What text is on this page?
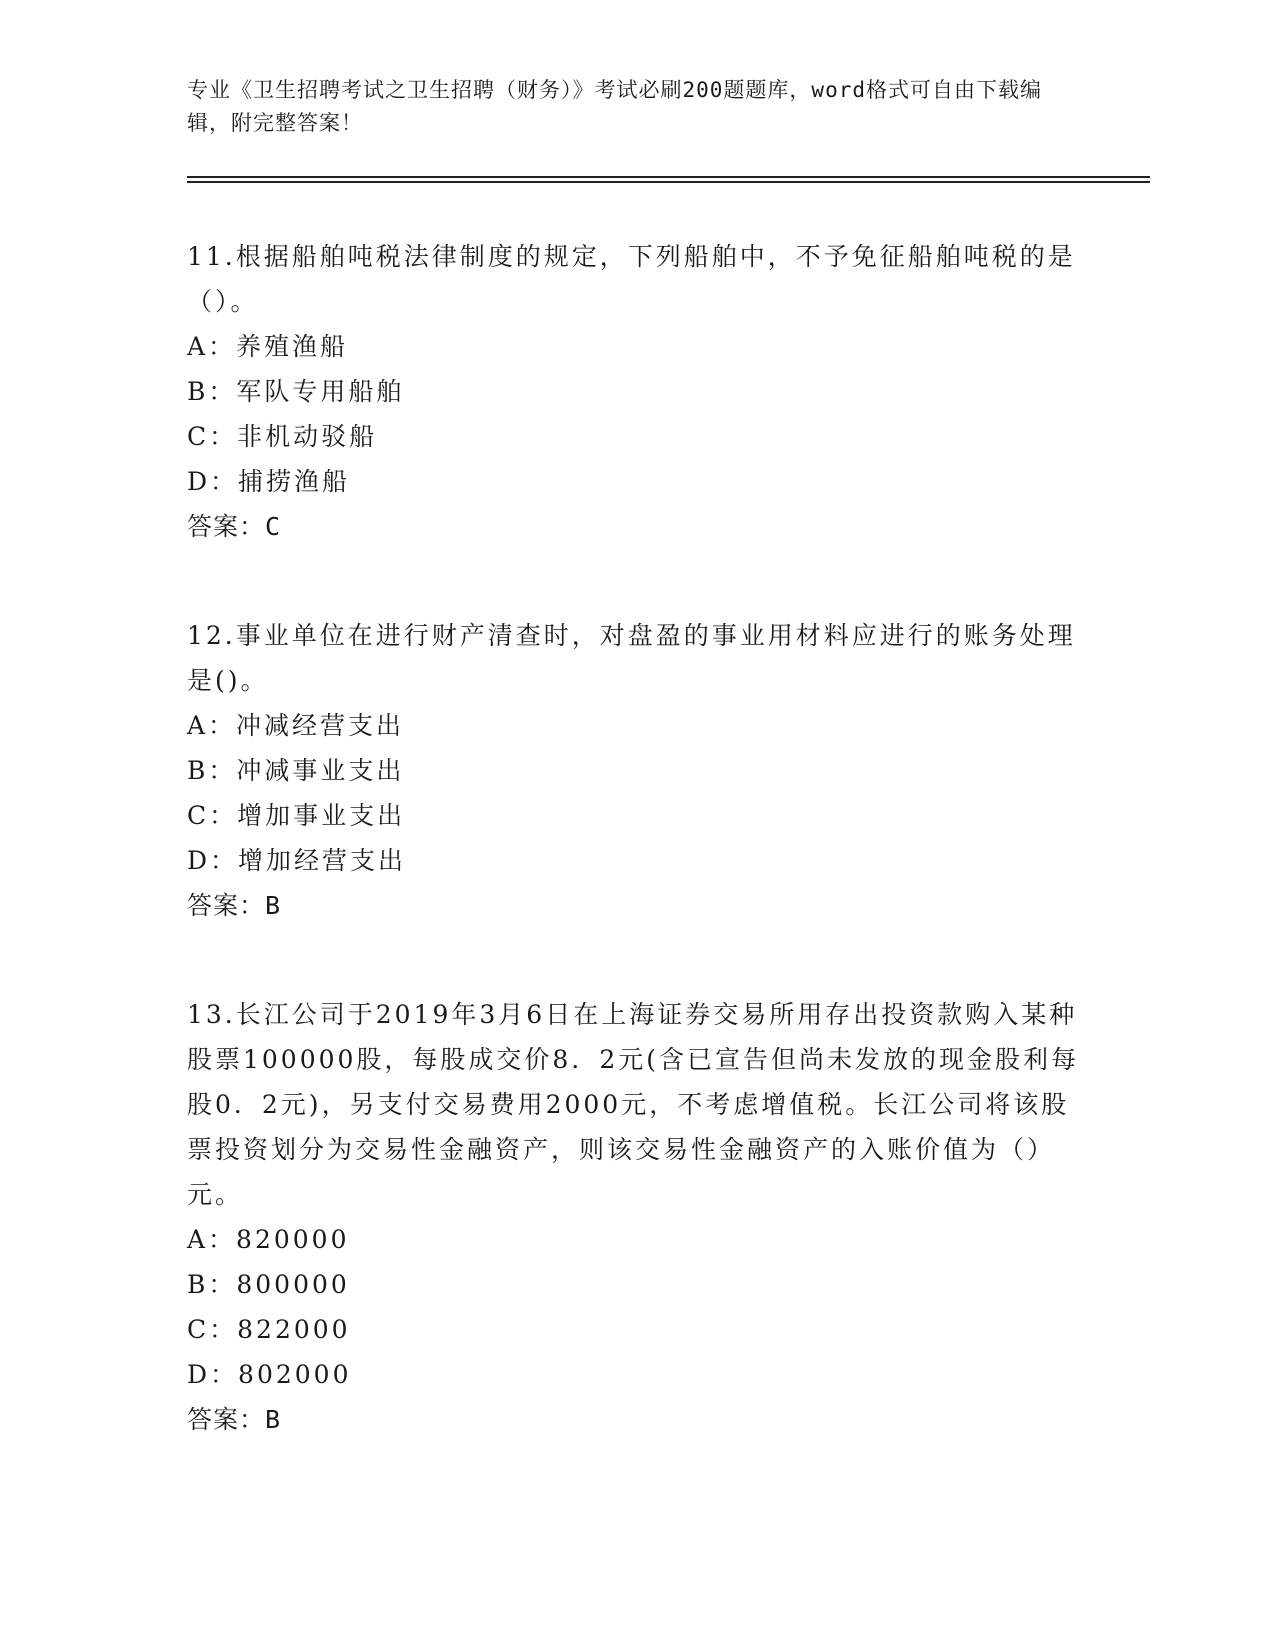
专业《卫生招聘考试之卫生招聘（财务）》考试必刷200题题库，word格式可自由下载编辑，附完整答案！

11.根据船舶吨税法律制度的规定，下列船舶中，不予免征船舶吨税的是（）。

A：养殖渔船

B：军队专用船舶

C：非机动驳船

D：捕捞渔船

答案：C

12.事业单位在进行财产清查时，对盘盈的事业用材料应进行的账务处理是()。

A：冲减经营支出

B：冲减事业支出

C：增加事业支出

D：增加经营支出

答案：B

13.长江公司于2019年3月6日在上海证券交易所用存出投资款购入某种股票100000股，每股成交价8．2元(含已宣告但尚未发放的现金股利每股0．2元)，另支付交易费用2000元，不考虑增值税。长江公司将该股票投资划分为交易性金融资产，则该交易性金融资产的入账价值为（）元。

A：820000

B：800000

C：822000

D：802000

答案：B
